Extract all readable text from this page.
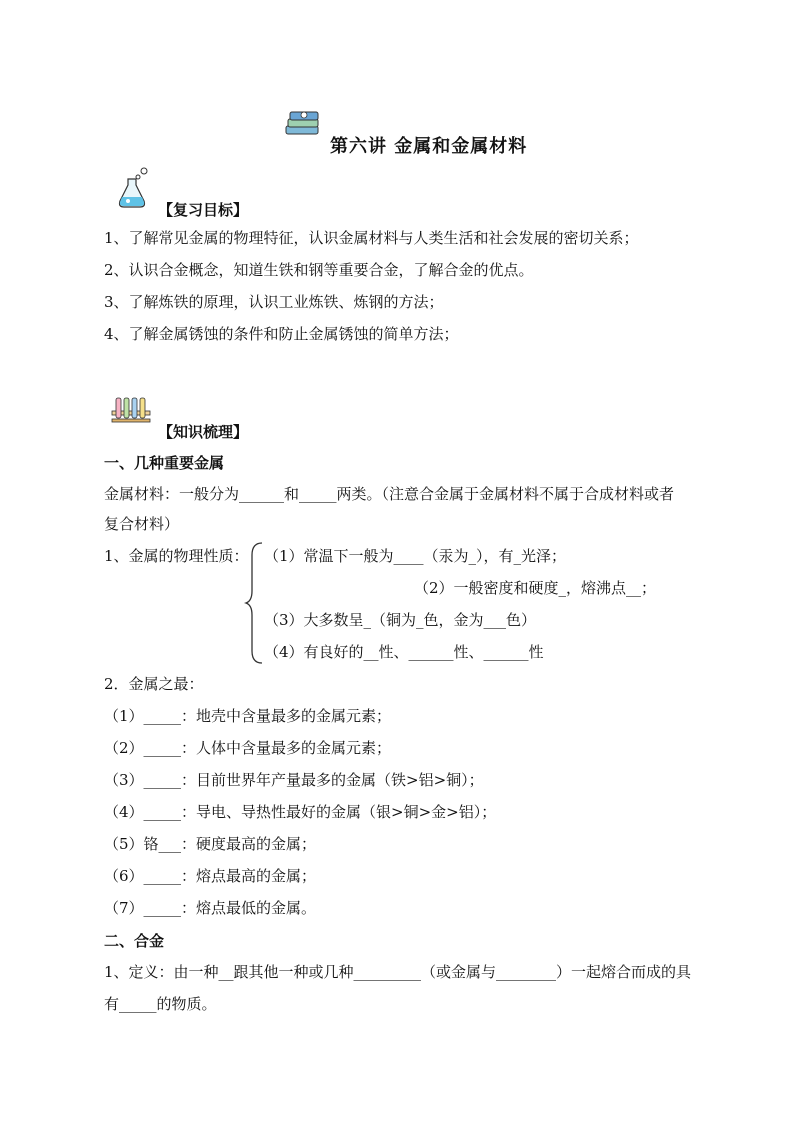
第六讲 金属和金属材料
【复习目标】
1、了解常见金属的物理特征，认识金属材料与人类生活和社会发展的密切关系；
2、认识合金概念，知道生铁和钢等重要合金，了解合金的优点。
3、了解炼铁的原理，认识工业炼铁、炼钢的方法；
4、了解金属锈蚀的条件和防止金属锈蚀的简单方法；
【知识梳理】
一、几种重要金属
金属材料：一般分为______和_____两类。（注意合金属于金属材料不属于合成材料或者
复合材料）
1、金属的物理性质： （1）常温下一般为____（汞为_），有_光泽；
（2）一般密度和硬度_，熔沸点__；
（3）大多数呈_（铜为_色，金为___色）
（4）有良好的__性、______性、______性
2．金属之最：
（1）_____：地壳中含量最多的金属元素；
（2）_____：人体中含量最多的金属元素；
（3）_____：目前世界年产量最多的金属（铁>铝>铜）；
（4）_____：导电、导热性最好的金属（银>铜>金>铝）；
（5）铬___：硬度最高的金属；
（6）_____：熔点最高的金属；
（7）_____：熔点最低的金属。
二、合金
1、定义：由一种__跟其他一种或几种_________（或金属与________）一起熔合而成的具
有_____的物质。
